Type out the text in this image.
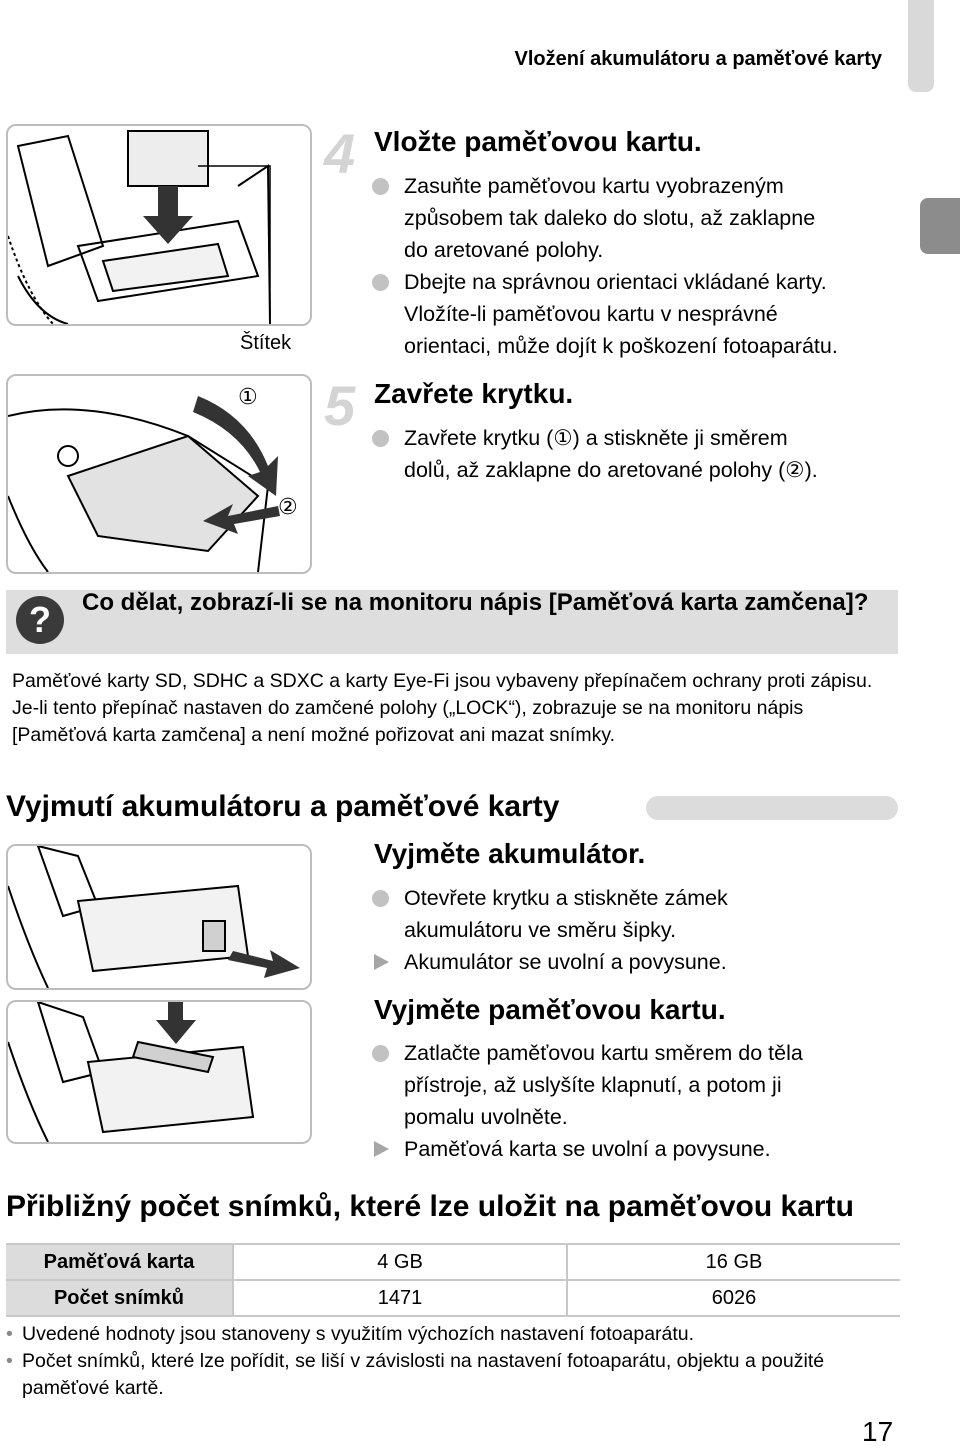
Vložení akumulátoru a paměťové karty
Štítek
①
②
4 Vložte paměťovou kartu.
Zasuňte paměťovou kartu vyobrazeným
způsobem tak daleko do slotu, až zaklapne
do aretované polohy.
Dbejte na správnou orientaci vkládané karty.
Vložíte-li paměťovou kartu v nesprávné
orientaci, může dojít k poškození fotoaparátu.
5 Zavřete krytku.
Zavřete krytku (①) a stiskněte ji směrem
dolů, až zaklapne do aretované polohy (②).
?	Co dělat, zobrazí-li se na monitoru nápis [Paměťová karta zamčena]?
Paměťové karty SD, SDHC a SDXC a karty Eye-Fi jsou vybaveny přepínačem ochrany proti zápisu. Je-li tento přepínač nastaven do zamčené polohy („LOCK“), zobrazuje se na monitoru nápis [Paměťová karta zamčena] a není možné pořizovat ani mazat snímky.
Vyjmutí akumulátoru a paměťové karty
Vyjměte akumulátor.
Otevřete krytku a stiskněte zámek
akumulátoru ve směru šipky.
Akumulátor se uvolní a povysune.
Vyjměte paměťovou kartu.
Zatlačte paměťovou kartu směrem do těla
přístroje, až uslyšíte klapnutí, a potom ji
pomalu uvolněte.
Paměťová karta se uvolní a povysune.
Přibližný počet snímků, které lze uložit na paměťovou kartu
Paměťová karta	4 GB	16 GB
Počet snímků	1471	6026
• Uvedené hodnoty jsou stanoveny s využitím výchozích nastavení fotoaparátu.
• Počet snímků, které lze pořídit, se liší v závislosti na nastavení fotoaparátu, objektu a použité paměťové kartě.
17
